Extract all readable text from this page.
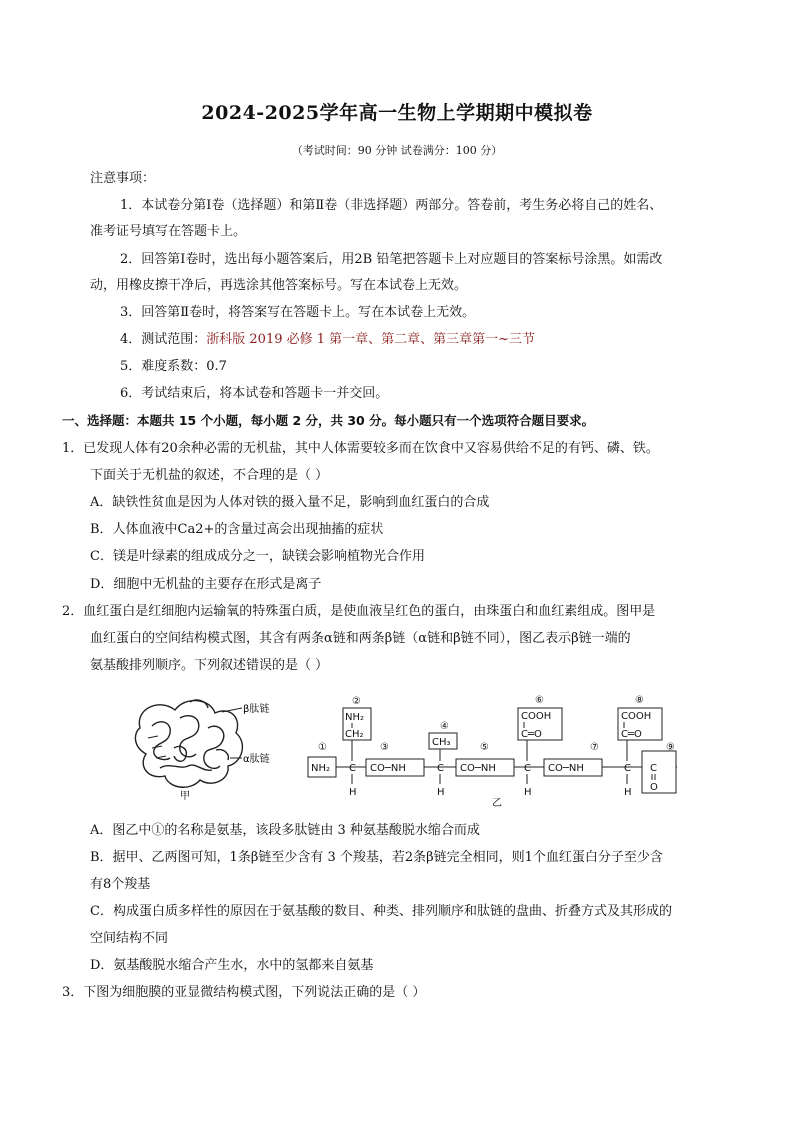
2024-2025学年高一生物上学期期中模拟卷
（考试时间：90 分钟 试卷满分：100 分）
注意事项：
1．本试卷分第Ⅰ卷（选择题）和第Ⅱ卷（非选择题）两部分。答卷前，考生务必将自己的姓名、
准考证号填写在答题卡上。
2．回答第Ⅰ卷时，选出每小题答案后，用2B 铅笔把答题卡上对应题目的答案标号涂黑。如需改
动，用橡皮擦干净后，再选涂其他答案标号。写在本试卷上无效。
3．回答第Ⅱ卷时，将答案写在答题卡上。写在本试卷上无效。
4．测试范围：浙科版 2019 必修 1 第一章、第二章、第三章第一~三节
5．难度系数：0.7
6．考试结束后，将本试卷和答题卡一并交回。
一、选择题：本题共 15 个小题，每小题 2 分，共 30 分。每小题只有一个选项符合题目要求。
1．已发现人体有20余种必需的无机盐，其中人体需要较多而在饮食中又容易供给不足的有钙、磷、铁。
下面关于无机盐的叙述，不合理的是（ ）
A．缺铁性贫血是因为人体对铁的摄入量不足，影响到血红蛋白的合成
B．人体血液中Ca2+的含量过高会出现抽搐的症状
C．镁是叶绿素的组成成分之一，缺镁会影响植物光合作用
D．细胞中无机盐的主要存在形式是离子
2．血红蛋白是红细胞内运输氧的特殊蛋白质，是使血液呈红色的蛋白，由珠蛋白和血红素组成。图甲是
血红蛋白的空间结构模式图，其含有两条α链和两条β链（α链和β链不同），图乙表示β链一端的
氨基酸排列顺序。下列叙述错误的是（ ）
β肽链
α肽链
甲
NH₂
①
C
H
NH₂
CH₂
②
CO─NH
③
C
H
CH₃
④
CO─NH
⑤
C
H
COOH
C═O
⑥
CO─NH
⑦
C
H
COOH
C═O
⑧
C
O
⑨
乙
A．图乙中①的名称是氨基，该段多肽链由 3 种氨基酸脱水缩合而成
B．据甲、乙两图可知，1条β链至少含有 3 个羧基，若2条β链完全相同，则1个血红蛋白分子至少含
有8个羧基
C．构成蛋白质多样性的原因在于氨基酸的数目、种类、排列顺序和肽链的盘曲、折叠方式及其形成的
空间结构不同
D．氨基酸脱水缩合产生水，水中的氢都来自氨基
3．下图为细胞膜的亚显微结构模式图，下列说法正确的是（ ）
